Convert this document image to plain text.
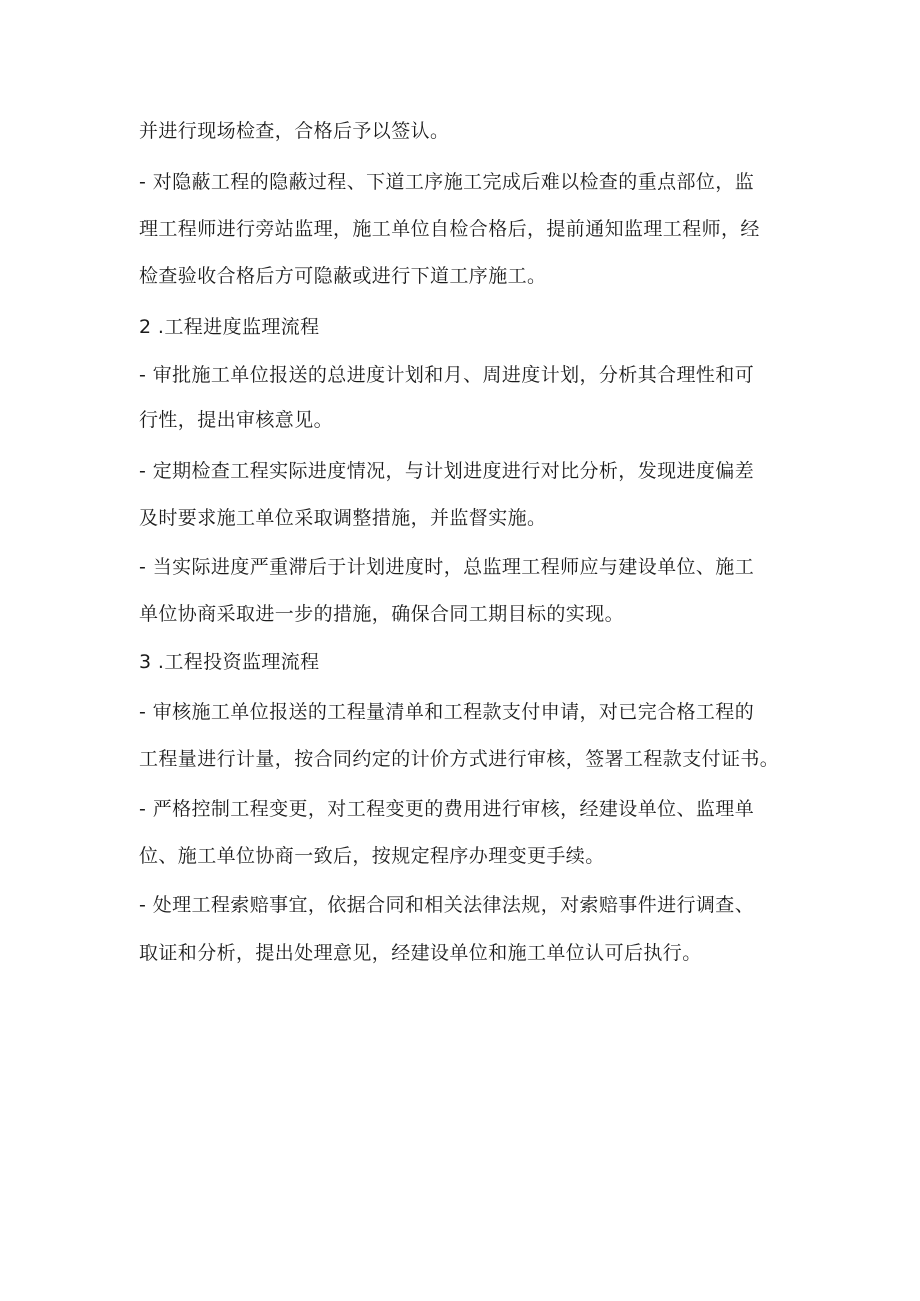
并进行现场检查，合格后予以签认。
- 对隐蔽工程的隐蔽过程、下道工序施工完成后难以检查的重点部位，监
理工程师进行旁站监理，施工单位自检合格后，提前通知监理工程师，经
检查验收合格后方可隐蔽或进行下道工序施工。
2 .工程进度监理流程
- 审批施工单位报送的总进度计划和月、周进度计划，分析其合理性和可
行性，提出审核意见。
- 定期检查工程实际进度情况，与计划进度进行对比分析，发现进度偏差
及时要求施工单位采取调整措施，并监督实施。
- 当实际进度严重滞后于计划进度时，总监理工程师应与建设单位、施工
单位协商采取进一步的措施，确保合同工期目标的实现。
3 .工程投资监理流程
- 审核施工单位报送的工程量清单和工程款支付申请，对已完合格工程的
工程量进行计量，按合同约定的计价方式进行审核，签署工程款支付证书。
- 严格控制工程变更，对工程变更的费用进行审核，经建设单位、监理单
位、施工单位协商一致后，按规定程序办理变更手续。
- 处理工程索赔事宜，依据合同和相关法律法规，对索赔事件进行调查、
取证和分析，提出处理意见，经建设单位和施工单位认可后执行。
